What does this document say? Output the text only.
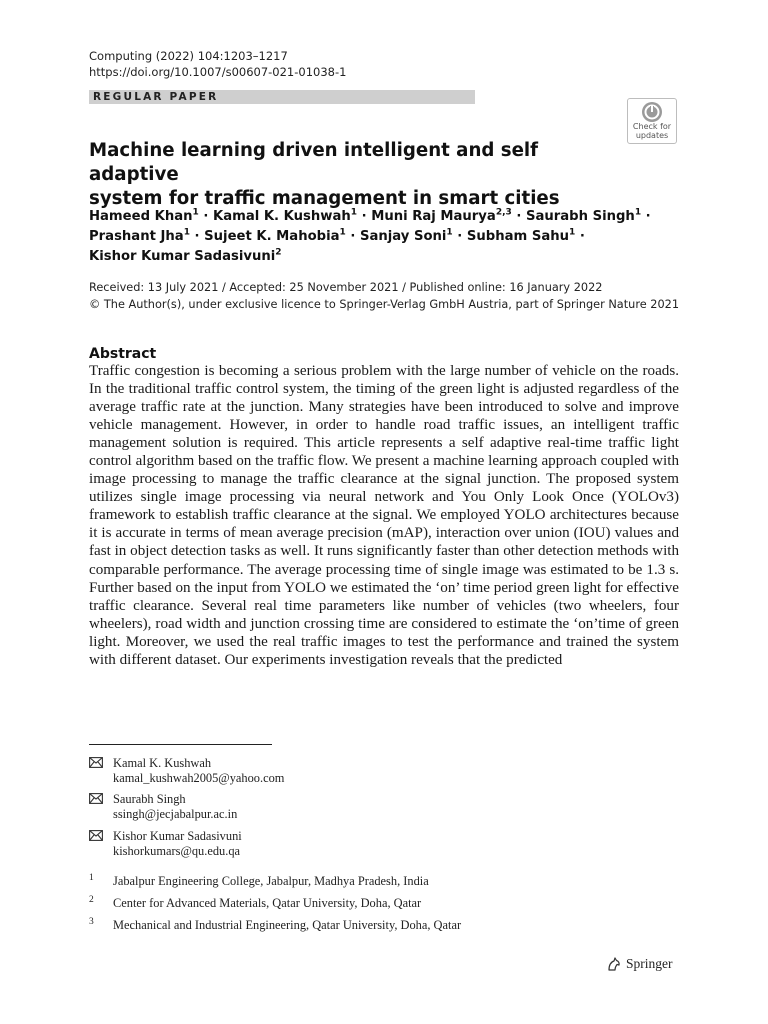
Computing (2022) 104:1203–1217
https://doi.org/10.1007/s00607-021-01038-1
REGULAR PAPER
Check for
updates
Machine learning driven intelligent and self adaptive
system for traffic management in smart cities
Hameed Khan$^1$ · Kamal K. Kushwah$^1$ · Muni Raj Maurya$^{2,3}$ · Saurabh Singh$^1$ ·
Prashant Jha$^1$ · Sujeet K. Mahobia$^1$ · Sanjay Soni$^1$ · Subham Sahu$^1$ ·
Kishor Kumar Sadasivuni$^2$
Received: 13 July 2021 / Accepted: 25 November 2021 / Published online: 16 January 2022
© The Author(s), under exclusive licence to Springer-Verlag GmbH Austria, part of Springer Nature 2021
Abstract

Traffic congestion is becoming a serious problem with the large number of vehicle on the roads. In the traditional traffic control system, the timing of the green light is adjusted regardless of the average traffic rate at the junction. Many strategies have been introduced to solve and improve vehicle management. However, in order to handle road traffic issues, an intelligent traffic management solution is required. This article represents a self adaptive real-time traffic light control algorithm based on the traffic flow. We present a machine learning approach coupled with image processing to manage the traffic clearance at the signal junction. The proposed system utilizes single image processing via neural network and You Only Look Once (YOLOv3) framework to establish traffic clearance at the signal. We employed YOLO architectures because it is accurate in terms of mean average precision (mAP), interaction over union (IOU) values and fast in object detection tasks as well. It runs significantly faster than other detection methods with comparable performance. The average processing time of single image was estimated to be 1.3 s. Further based on the input from YOLO we estimated the ‘on’ time period green light for effective traffic clearance. Several real time parameters like number of vehicles (two wheelers, four wheelers), road width and junction crossing time are considered to estimate the ‘on’time of green light. Moreover, we used the real traffic images to test the performance and trained the system with different dataset. Our experiments investigation reveals that the predicted

Kamal K. Kushwah
kamal_kushwah2005@yahoo.com
Saurabh Singh
ssingh@jecjabalpur.ac.in
Kishor Kumar Sadasivuni
kishorkumars@qu.edu.qa
1 Jabalpur Engineering College, Jabalpur, Madhya Pradesh, India
2 Center for Advanced Materials, Qatar University, Doha, Qatar
3 Mechanical and Industrial Engineering, Qatar University, Doha, Qatar
Springer
